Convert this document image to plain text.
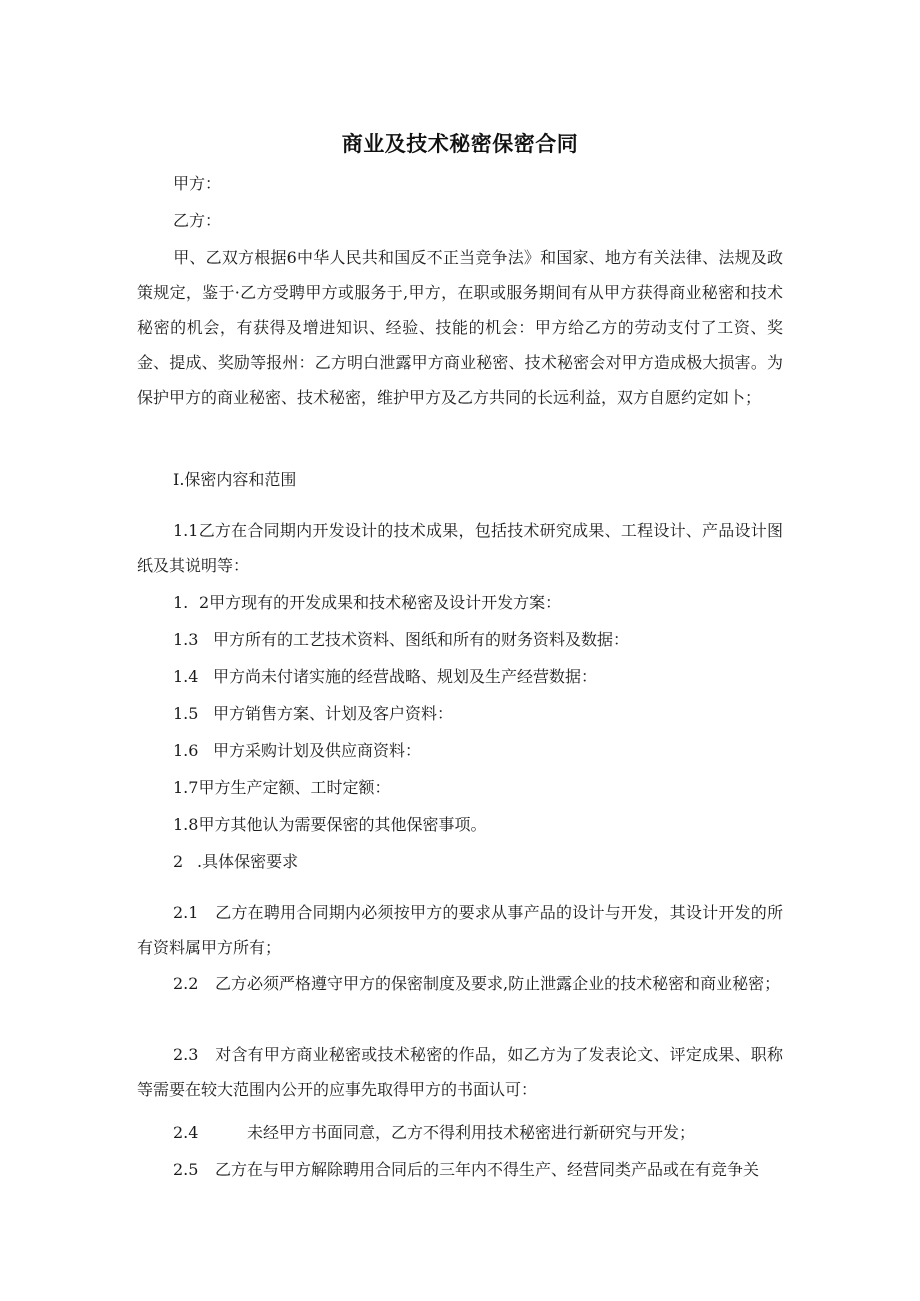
商业及技术秘密保密合同
甲方：
乙方：
甲、乙双方根据6中华人民共和国反不正当竞争法》和国家、地方有关法律、法规及政策规定，鉴于·乙方受聘甲方或服务于,甲方，在职或服务期间有从甲方获得商业秘密和技术秘密的机会，有获得及增进知识、经验、技能的机会：甲方给乙方的劳动支付了工资、奖金、提成、奖励等报州：乙方明白泄露甲方商业秘密、技术秘密会对甲方造成极大损害。为保护甲方的商业秘密、技术秘密，维护甲方及乙方共同的长远利益，双方自愿约定如卜；
I.保密内容和范围
1.1乙方在合同期内开发设计的技术成果，包括技术研究成果、工程设计、产品设计图纸及其说明等：
1. 2甲方现有的开发成果和技术秘密及设计开发方案：
1.3 甲方所有的工艺技术资料、图纸和所有的财务资料及数据：
1.4 甲方尚未付诸实施的经营战略、规划及生产经营数据：
1.5 甲方销售方案、计划及客户资料：
1.6 甲方采购计划及供应商资料：
1.7甲方生产定额、工时定额：
1.8甲方其他认为需要保密的其他保密事项。
2 .具体保密要求
2.1 乙方在聘用合同期内必须按甲方的要求从事产品的设计与开发，其设计开发的所有资料属甲方所有；
2.2 乙方必须严格遵守甲方的保密制度及要求,防止泄露企业的技术秘密和商业秘密；
2.3 对含有甲方商业秘密或技术秘密的作品，如乙方为了发表论文、评定成果、职称等需要在较大范围内公开的应事先取得甲方的书面认可：
2.4	未经甲方书面同意，乙方不得利用技术秘密进行新研究与开发；
2.5 乙方在与甲方解除聘用合同后的三年内不得生产、经营同类产品或在有竞争关
